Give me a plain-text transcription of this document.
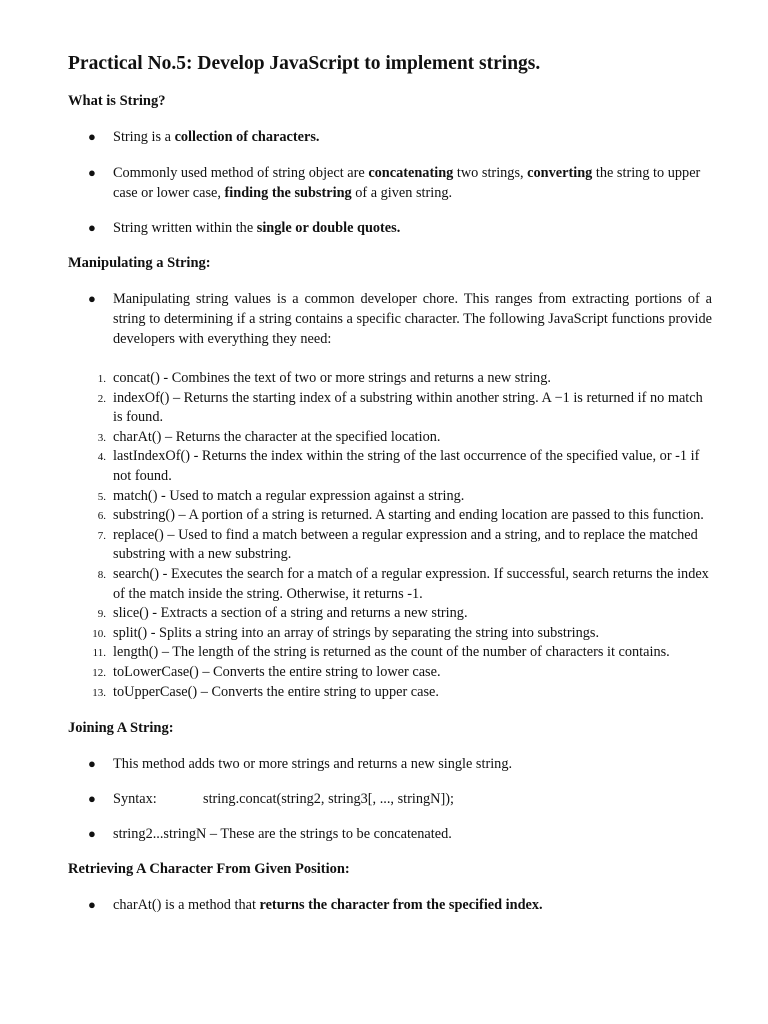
Practical No.5: Develop JavaScript to implement strings.
What is String?
●	String is a collection of characters.
●	Commonly used method of string object are concatenating two strings, converting the string to upper case or lower case, finding the substring of a given string.
●	String written within the single or double quotes.
Manipulating a String:
●	Manipulating string values is a common developer chore. This ranges from extracting portions of a string to determining if a string contains a specific character. The following JavaScript functions provide developers with everything they need:
1. concat() - Combines the text of two or more strings and returns a new string.
2. indexOf() – Returns the starting index of a substring within another string. A −1 is returned if no match is found.
3. charAt() – Returns the character at the specified location.
4. lastIndexOf() - Returns the index within the string of the last occurrence of the specified value, or -1 if not found.
5. match() - Used to match a regular expression against a string.
6. substring() – A portion of a string is returned. A starting and ending location are passed to this function.
7. replace() – Used to find a match between a regular expression and a string, and to replace the matched substring with a new substring.
8. search() - Executes the search for a match of a regular expression. If successful, search returns the index of the match inside the string. Otherwise, it returns -1.
9. slice() - Extracts a section of a string and returns a new string.
10. split() - Splits a string into an array of strings by separating the string into substrings.
11. length() – The length of the string is returned as the count of the number of characters it contains.
12. toLowerCase() – Converts the entire string to lower case.
13. toUpperCase() – Converts the entire string to upper case.
Joining A String:
●	This method adds two or more strings and returns a new single string.
●	Syntax:	string.concat(string2, string3[, ..., stringN]);
●	string2...stringN – These are the strings to be concatenated.
Retrieving A Character From Given Position:
●	charAt() is a method that returns the character from the specified index.
